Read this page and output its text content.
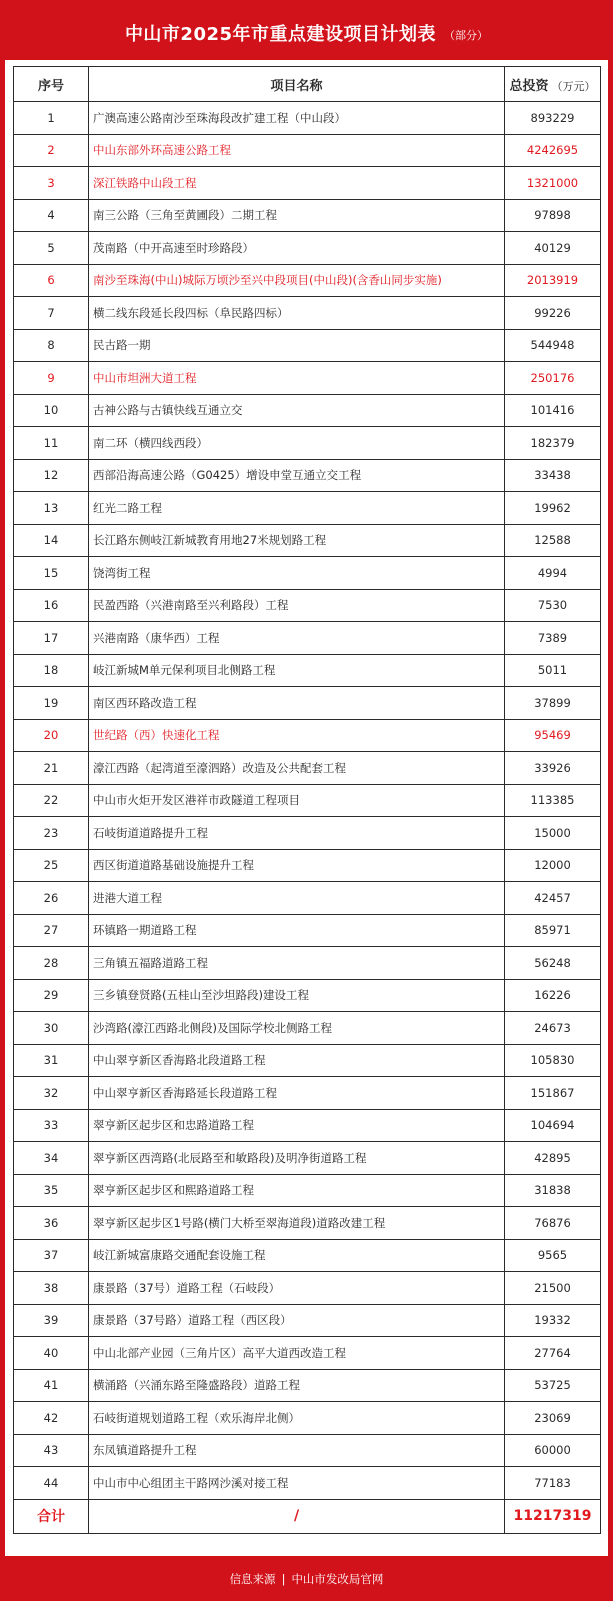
中山市2025年市重点建设项目计划表 （部分）
序号	项目名称	总投资 （万元）
1	广澳高速公路南沙至珠海段改扩建工程（中山段）	893229
2	中山东部外环高速公路工程	4242695
3	深江铁路中山段工程	1321000
4	南三公路（三角至黄圃段）二期工程	97898
5	茂南路（中开高速至时珍路段）	40129
6	南沙至珠海(中山)城际万顷沙至兴中段项目(中山段)(含香山同步实施)	2013919
7	横二线东段延长段四标（阜民路四标）	99226
8	民古路一期	544948
9	中山市坦洲大道工程	250176
10	古神公路与古镇快线互通立交	101416
11	南二环（横四线西段）	182379
12	西部沿海高速公路（G0425）增设申堂互通立交工程	33438
13	红光二路工程	19962
14	长江路东侧岐江新城教育用地27米规划路工程	12588
15	饶湾街工程	4994
16	民盈西路（兴港南路至兴利路段）工程	7530
17	兴港南路（康华西）工程	7389
18	岐江新城M单元保利项目北侧路工程	5011
19	南区西环路改造工程	37899
20	世纪路（西）快速化工程	95469
21	濠江西路（起湾道至濠泗路）改造及公共配套工程	33926
22	中山市火炬开发区港祥市政隧道工程项目	113385
23	石岐街道道路提升工程	15000
25	西区街道道路基础设施提升工程	12000
26	进港大道工程	42457
27	环镇路一期道路工程	85971
28	三角镇五福路道路工程	56248
29	三乡镇登贤路(五桂山至沙坦路段)建设工程	16226
30	沙湾路(濠江西路北侧段)及国际学校北侧路工程	24673
31	中山翠亨新区香海路北段道路工程	105830
32	中山翠亨新区香海路延长段道路工程	151867
33	翠亨新区起步区和忠路道路工程	104694
34	翠亨新区西湾路(北辰路至和敏路段)及明净街道路工程	42895
35	翠亨新区起步区和熙路道路工程	31838
36	翠亨新区起步区1号路(横门大桥至翠海道段)道路改建工程	76876
37	岐江新城富康路交通配套设施工程	9565
38	康景路（37号）道路工程（石岐段）	21500
39	康景路（37号路）道路工程（西区段）	19332
40	中山北部产业园（三角片区）高平大道西改造工程	27764
41	横涌路（兴涌东路至隆盛路段）道路工程	53725
42	石岐街道规划道路工程（欢乐海岸北侧）	23069
43	东凤镇道路提升工程	60000
44	中山市中心组团主干路网沙溪对接工程	77183
合计	/	11217319
信息来源 | 中山市发改局官网
